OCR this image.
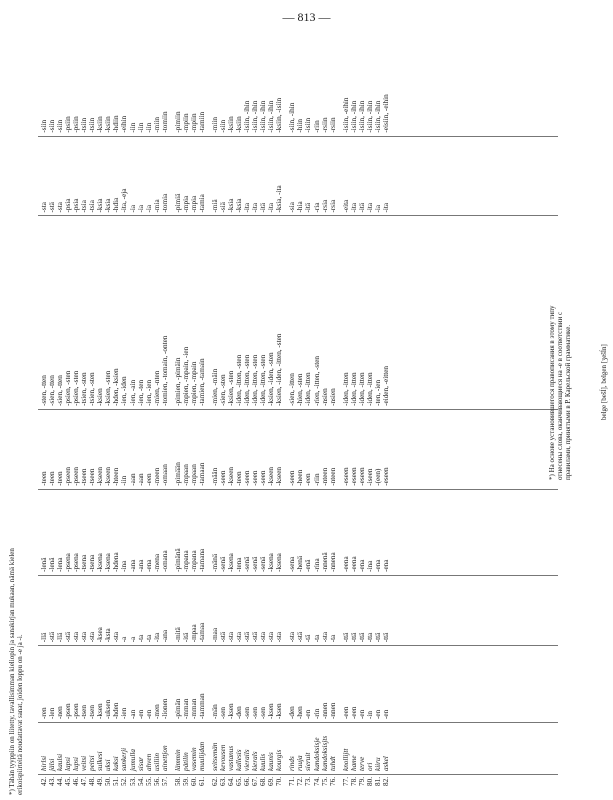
— 813 —
42. 43. 44. 45. 46. 47. 48. 49. 50. 51. 52. 53. 54. 55. 56. 57. 58. 59. 60. 61. 62. 63. 64. 65. 66. 67. 68. 69. 70. 71. 72. 73. 74. 75. 76. 77. 78. 79. 80. 81. 82.
hirlsi jälsi kaulsi lapsi lupsi veitsi peitsi sulkesi uksi kaksi sankerji jumulla sisar ahven usiliin ainettjon lämmin pätilin vasemin muulijdan seitsemän kevousen vastanus kallesis vierails kierals kuulis kaunis kourgis rinds ruuja sieruit kandoksisje kandoksisjts tuhdt knollijtt hame terve ori kiiru askel
-ren -len -nen -psen -psen -tsen -tsen -ksen -uksen -hden -ien -an -en -en -men -lionen -pimän -mman -mman -tamman -män -sen -ksen -den -sen -sen -sen -ksen -ksen -den -hen -en -rin -nnen -nnen -een -een -en -in -en -en
-llä -stä -llä -stä -sta -sta -sta -ksea -ksta -sta -a -a -ta -ta -ita -ana -mitä -itä -mpaa -tamaa -maa -stä -sta -sta -stä -stä -sta -sta -sta -sta -stä -tä -ta -sta -ta -ttä -ttä -ttä -tta -ttä -ttä
-lenä -lenä -lena -psena -psena -tsena -tsena -ksena -ksena -hdena -ina -ana -ana -ena -mena -omana -pimänä -mpana -mpana -tamana -mänä -senä -ksena -tena -senä -senä -senä -ksena -ksena -sena -henä -enä -rina -nnenä -nnena -eena -eena -ena -ina -ena -ena
-teen -teen -teen -pseen -pseen -tseen -tseen -kseen -kseen -hteen -iin -aan -aan -een -meen -omaan -pimään -mpaan -mpaan -tamaan -mään -seen -kseen -teen -seen -seen -seen -kseen -kseen -seen -heen -een -riin -nteen -nteen -eseen -eseen -eseen -iseen -(een) -eseen
-sten, -tten -sien, -tten -sien, -tten -psien, -sten -psien, -sten -tsien, -sten -tsien, -sten -ksien -ksien, -sten -hden, -ksien -ien, -iden -ien, -ain -ien, -ten -ien, -ien -mien, -nten -tomien, -tomain, -onten -pimien, -pimäin -mpien, -mpain, -ien -mpien, -mpain -tamien, -tamain -mien, -mäin -sien, -sten -ksien, -sten -iden, -itten, -sten -iden, -itten, -sten -iden, -itten, -sten -iden, -itten, -sten -ksien, -iden, -sten -ksien, -iden, -itten, -sten -sien, -itten -hien, -sten -iden, -itten -rien, -itten, -sten -nsien -nsien -iden, -itten -iden, -itten -iden, -itten -iden, -itten -ten, -ien -eiden, -eitten
-sta -stä -sta -psia -psia -tsia -tsia -ksia -ksia -hdia -ita, -eja -ia -ia -ia -mia -tomia -pimiä -mpia -mpia -tamia -miä -siä -ksia -ksia -ita -ita -itä -ita -ksia, -ita -sia -hia -itä -ria -rsia -rsia -eita -ita -itä -ita -ia -ita
-siin -siin -siin -psiin -psiin -tsiin -tsiin -ksiin -ksiin -hdiin -eihin -iin -iin -iin -miin -tomiin -pimiin -mpiin -mpiin -tamiin -miin -siin -ksiin -ksiin -isiin, -ihin -isiin, -ihin -isiin, -ihin -isiin, -ihin -ksiin, -isiin -siin, -ihin -hiin -isiin -riin -rsiin -rsiin -isiin, -eihin -isiin, -ihin -isiin, -ihin -isiin, -ihin -isiin, -ihin -eisiin, -eihin
*) Tähän tyyppiin on liitetty, tavallisimman kieliopin ja sanakirjan mukaan, nämä kielen erikoispiirteitä noudattavat sanat, joiden loppu on -e ja -i.
*) На основе установившегося правописания в этому типу отнесены слова, оканчивающиеся на -е в соответствии с правилами, принятыми в Р. Карельской грамматике.	belge [bešĺ], belgen [ʒešĺn]
